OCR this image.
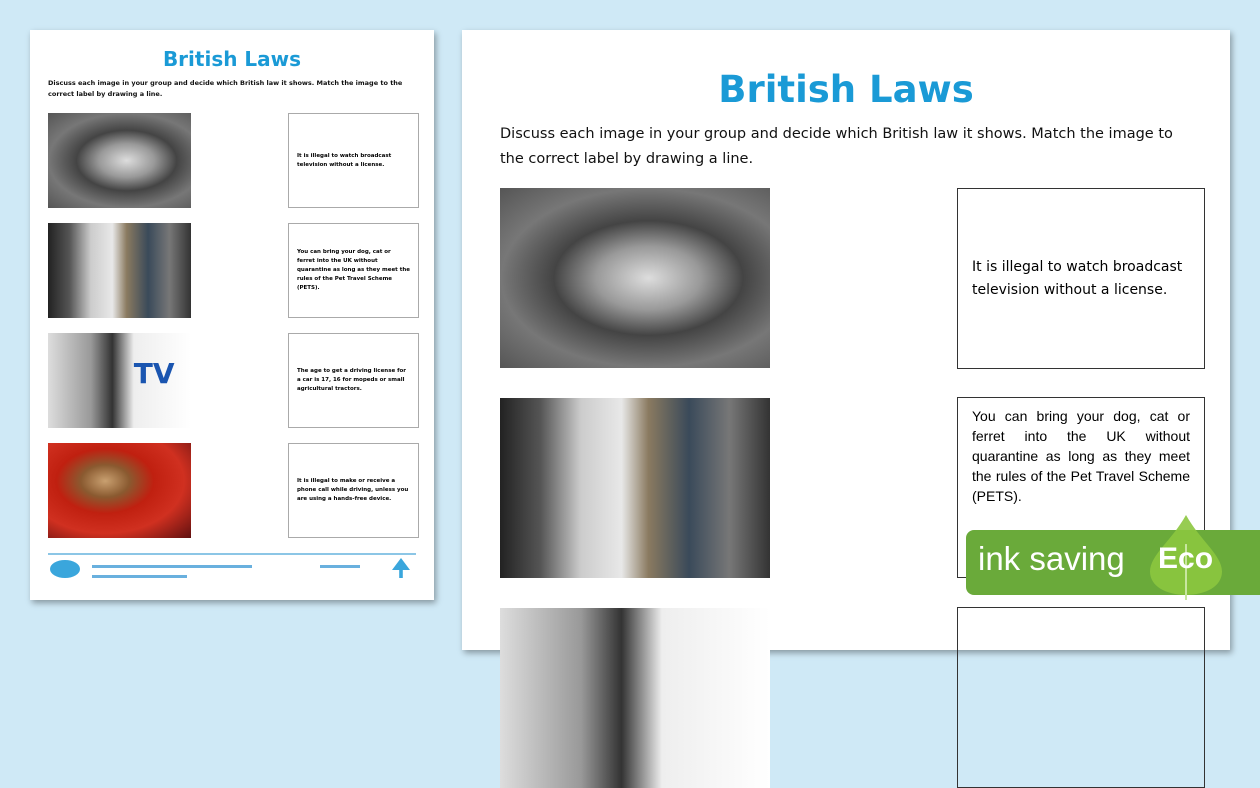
British Laws
Discuss each image in your group and decide which British law it shows. Match the image to the correct label by drawing a line.
TV
It is illegal to watch broadcast television without a license.
You can bring your dog, cat or ferret into the UK without quarantine as long as they meet the rules of the Pet Travel Scheme (PETS).
The age to get a driving license for a car is 17, 16 for mopeds or small agricultural tractors.
It is illegal to make or receive a phone call while driving, unless you are using a hands-free device.
British Laws
Discuss each image in your group and decide which British law it shows. Match the image to the correct label by drawing a line.
It is illegal to watch broadcast television without a license.
You can bring your dog, cat or ferret into the UK without quarantine as long as they meet the rules of the Pet Travel Scheme (PETS).
ink saving Eco
